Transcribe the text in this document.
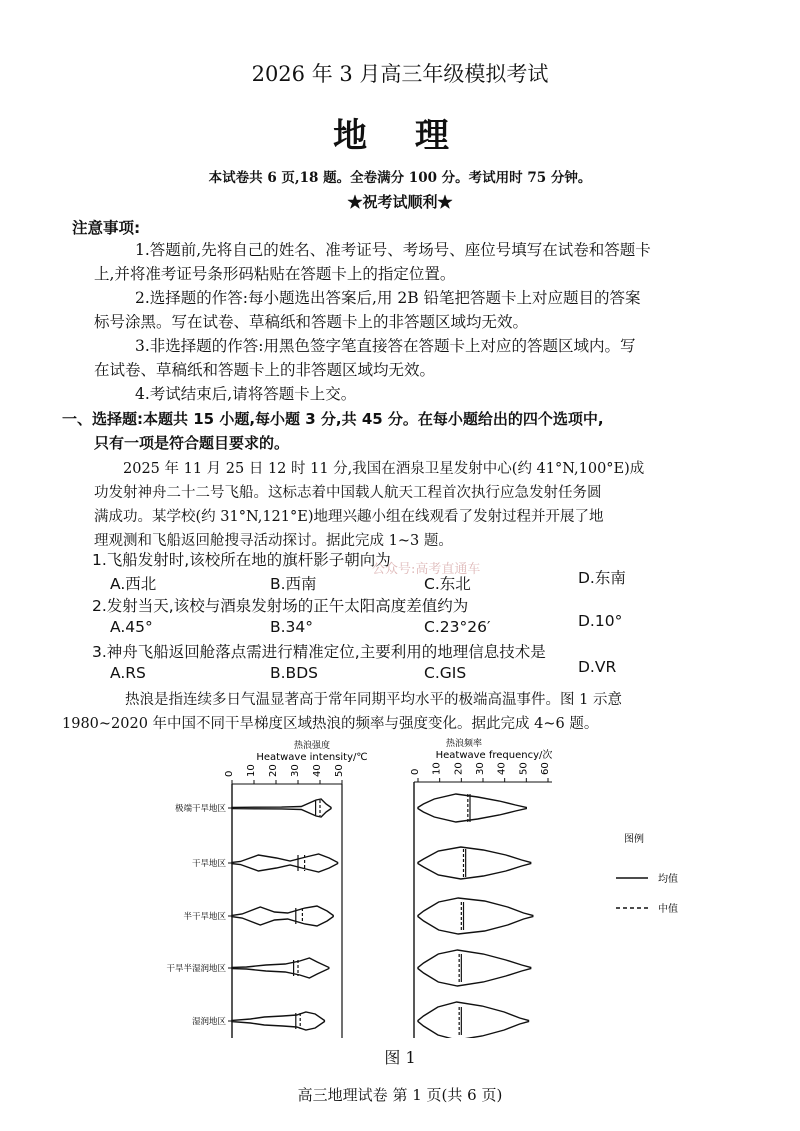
2026 年 3 月高三年级模拟考试
地 理
本试卷共 6 页,18 题。全卷满分 100 分。考试用时 75 分钟。
★祝考试顺利★
注意事项:
1.答题前,先将自己的姓名、准考证号、考场号、座位号填写在试卷和答题卡
上,并将准考证号条形码粘贴在答题卡上的指定位置。
2.选择题的作答:每小题选出答案后,用 2B 铅笔把答题卡上对应题目的答案
标号涂黑。写在试卷、草稿纸和答题卡上的非答题区域均无效。
3.非选择题的作答:用黑色签字笔直接答在答题卡上对应的答题区域内。写
在试卷、草稿纸和答题卡上的非答题区域均无效。
4.考试结束后,请将答题卡上交。
一、选择题:本题共 15 小题,每小题 3 分,共 45 分。在每小题给出的四个选项中,
只有一项是符合题目要求的。
2025 年 11 月 25 日 12 时 11 分,我国在酒泉卫星发射中心(约 41°N,100°E)成
功发射神舟二十二号飞船。这标志着中国载人航天工程首次执行应急发射任务圆
满成功。某学校(约 31°N,121°E)地理兴趣小组在线观看了发射过程并开展了地
理观测和飞船返回舱搜寻活动探讨。据此完成 1~3 题。
1.飞船发射时,该校所在地的旗杆影子朝向为
A.西北	B.西南	C.东北	D.东南
公众号:高考直通车
2.发射当天,该校与酒泉发射场的正午太阳高度差值约为
A.45°	B.34°	C.23°26′	D.10°
3.神舟飞船返回舱落点需进行精准定位,主要利用的地理信息技术是
A.RS	B.BDS	C.GIS	D.VR
热浪是指连续多日气温显著高于常年同期平均水平的极端高温事件。图 1 示意
1980~2020 年中国不同干旱梯度区域热浪的频率与强度变化。据此完成 4~6 题。
热浪强度
Heatwave intensity/℃
0 10 20 30 40 50
极端干旱地区
干旱地区
半干旱地区
干旱半湿润地区
湿润地区
热浪频率
Heatwave frequency/次
0 10 20 30 40 50 60
图例
均值
中值
图 1
高三地理试卷 第 1 页(共 6 页)
